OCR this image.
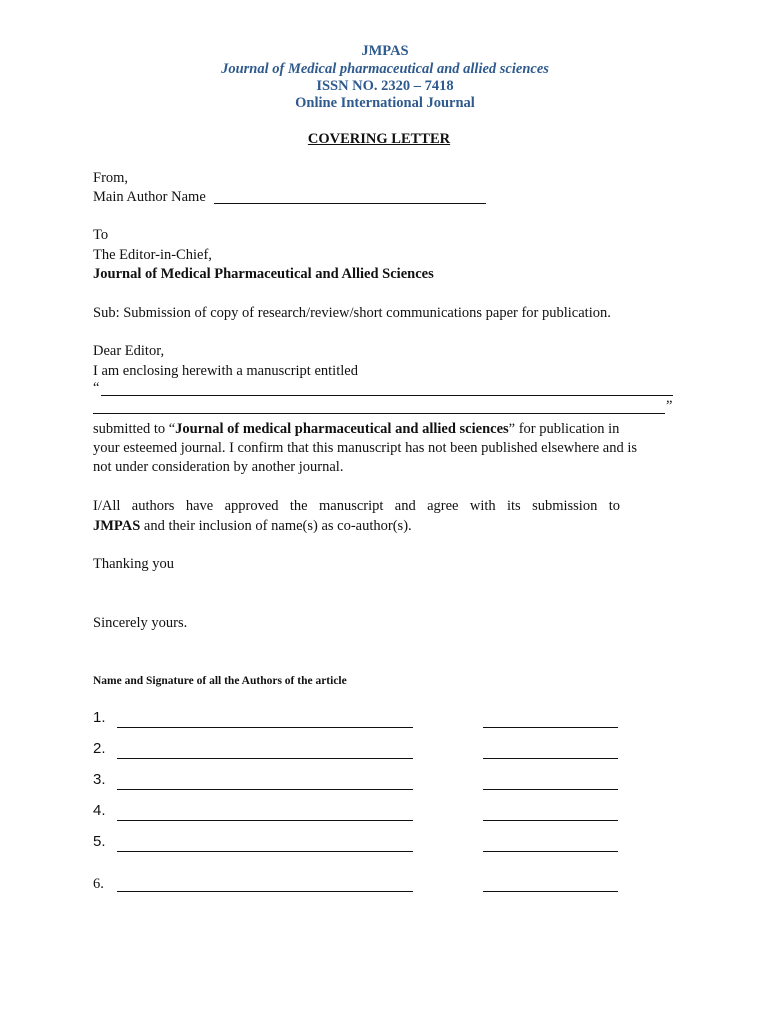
JMPAS
Journal of Medical pharmaceutical and allied sciences
ISSN NO. 2320 – 7418
Online International Journal
COVERING LETTER
From,
Main Author Name
To
The Editor-in-Chief,
Journal of Medical Pharmaceutical and Allied Sciences
Sub: Submission of copy of research/review/short communications paper for publication.
Dear Editor,
I am enclosing herewith a manuscript entitled
“
”
submitted to “Journal of medical pharmaceutical and allied sciences” for publication in
your esteemed journal. I confirm that this manuscript has not been published elsewhere and is
not under consideration by another journal.
I/All authors have approved the manuscript and agree with its submission to
JMPAS and their inclusion of name(s) as co-author(s).
Thanking you
Sincerely yours.
Name and Signature of all the Authors of the article
1.
2.
3.
4.
5.
6.
